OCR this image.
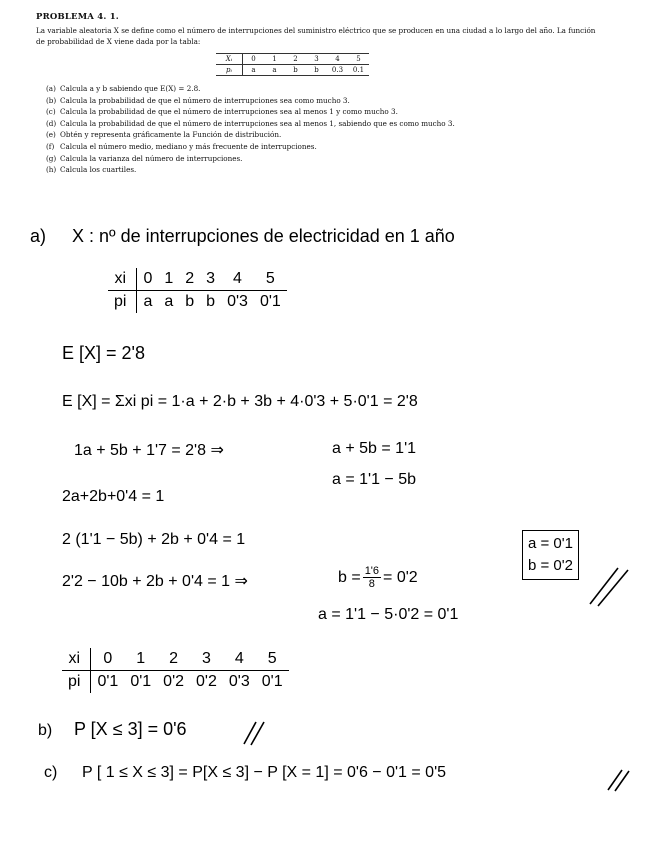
PROBLEMA 4. 1.
La variable aleatoria X se define como el número de interrupciones del suministro eléctrico que se producen en una ciudad a lo largo del año. La función de probabilidad de X viene dada por la tabla:
Xᵢ	0	1	2	3	4	5
pᵢ	a	a	b	b	0.3	0.1
(a) Calcula a y b sabiendo que E(X) = 2.8.
(b) Calcula la probabilidad de que el número de interrupciones sea como mucho 3.
(c) Calcula la probabilidad de que el número de interrupciones sea al menos 1 y como mucho 3.
(d) Calcula la probabilidad de que el número de interrupciones sea al menos 1, sabiendo que es como mucho 3.
(e) Obtén y representa gráficamente la Función de distribución.
(f) Calcula el número medio, mediano y más frecuente de interrupciones.
(g) Calcula la varianza del número de interrupciones.
(h) Calcula los cuartiles.
a) X : nº de interrupciones de electricidad en 1 año
xi	0	1	2	3	4	5
pi	a	a	b	b	0'3	0'1
E [X] = 2'8
E [X] = Σxi pi = 1·a + 2·b + 3b + 4·0'3 + 5·0'1 = 2'8
1a + 5b + 1'7 = 2'8 ⇒	a + 5b = 1'1
a = 1'1 − 5b
2a+2b+0'4 = 1
2 (1'1 − 5b) + 2b + 0'4 = 1
2'2 − 10b + 2b + 0'4 = 1 ⇒	$b = \frac{1'6}{8} = 0'2$
a = 1'1 − 5·0'2 = 0'1
a = 0'1
b = 0'2
xi	0	1	2	3	4	5
pi	0'1	0'1	0'2	0'2	0'3	0'1
b) P [X ≤ 3] = 0'6
c) P [ 1 ≤ X ≤ 3] = P[X ≤ 3] − P [X = 1] = 0'6 − 0'1 = 0'5
